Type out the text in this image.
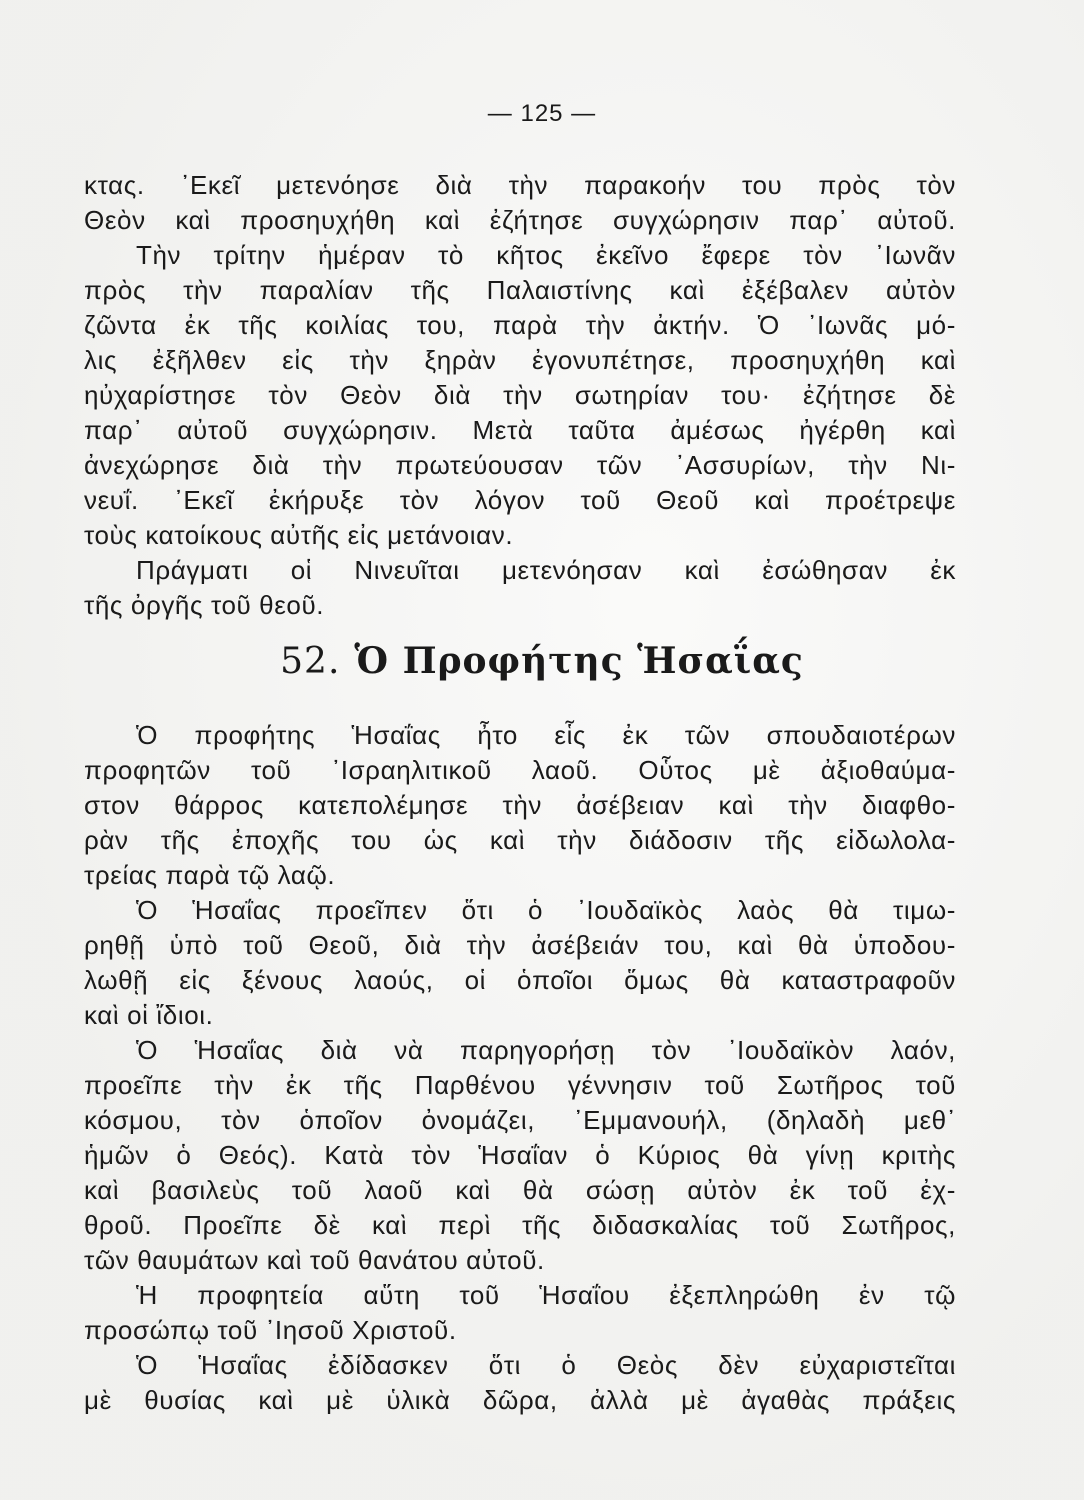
— 125 —
κτας. ᾿Εκεῖ μετενόησε διὰ τὴν παρακοήν του πρὸς τὸν
Θεὸν καὶ προσηυχήθη καὶ ἐζήτησε συγχώρησιν παρ᾿ αὐτοῦ.
Τὴν τρίτην ἡμέραν τὸ κῆτος ἐκεῖνο ἔφερε τὸν ᾿Ιωνᾶν
πρὸς τὴν παραλίαν τῆς Παλαιστίνης καὶ ἐξέβαλεν αὐτὸν
ζῶντα ἐκ τῆς κοιλίας του, παρὰ τὴν ἀκτήν. Ὁ ᾿Ιωνᾶς μό-
λις ἐξῆλθεν εἰς τὴν ξηρὰν ἐγονυπέτησε, προσηυχήθη καὶ
ηὐχαρίστησε τὸν Θεὸν διὰ τὴν σωτηρίαν του· ἐζήτησε δὲ
παρ᾿ αὐτοῦ συγχώρησιν. Μετὰ ταῦτα ἀμέσως ἠγέρθη καὶ
ἀνεχώρησε διὰ τὴν πρωτεύουσαν τῶν ᾿Ασσυρίων, τὴν Νι-
νευΐ. ᾿Εκεῖ ἐκήρυξε τὸν λόγον τοῦ Θεοῦ καὶ προέτρεψε
τοὺς κατοίκους αὐτῆς εἰς μετάνοιαν.
Πράγματι οἱ Νινευῖται μετενόησαν καὶ ἐσώθησαν ἐκ
τῆς ὀργῆς τοῦ θεοῦ.
52. Ὁ Προφήτης Ἡσαΐας
Ὁ προφήτης Ἡσαΐας ἦτο εἷς ἐκ τῶν σπουδαιοτέρων
προφητῶν τοῦ ᾿Ισραηλιτικοῦ λαοῦ. Οὗτος μὲ ἀξιοθαύμα-
στον θάρρος κατεπολέμησε τὴν ἀσέβειαν καὶ τὴν διαφθο-
ρὰν τῆς ἐποχῆς του ὡς καὶ τὴν διάδοσιν τῆς εἰδωλολα-
τρείας παρὰ τῷ λαῷ.
Ὁ Ἡσαΐας προεῖπεν ὅτι ὁ ᾿Ιουδαϊκὸς λαὸς θὰ τιμω-
ρηθῇ ὑπὸ τοῦ Θεοῦ, διὰ τὴν ἀσέβειάν του, καὶ θὰ ὑποδου-
λωθῇ εἰς ξένους λαούς, οἱ ὁποῖοι ὅμως θὰ καταστραφοῦν
καὶ οἱ ἴδιοι.
Ὁ Ἡσαΐας διὰ νὰ παρηγορήσῃ τὸν ᾿Ιουδαϊκὸν λαόν,
προεῖπε τὴν ἐκ τῆς Παρθένου γέννησιν τοῦ Σωτῆρος τοῦ
κόσμου, τὸν ὁποῖον ὀνομάζει, ᾿Εμμανουήλ, (δηλαδὴ μεθ᾿
ἡμῶν ὁ Θεός). Κατὰ τὸν Ἡσαΐαν ὁ Κύριος θὰ γίνῃ κριτὴς
καὶ βασιλεὺς τοῦ λαοῦ καὶ θὰ σώσῃ αὐτὸν ἐκ τοῦ ἐχ-
θροῦ. Προεῖπε δὲ καὶ περὶ τῆς διδασκαλίας τοῦ Σωτῆρος,
τῶν θαυμάτων καὶ τοῦ θανάτου αὐτοῦ.
Ἡ προφητεία αὕτη τοῦ Ἡσαΐου ἐξεπληρώθη ἐν τῷ
προσώπῳ τοῦ ᾿Ιησοῦ Χριστοῦ.
Ὁ Ἡσαΐας ἐδίδασκεν ὅτι ὁ Θεὸς δὲν εὐχαριστεῖται
μὲ θυσίας καὶ μὲ ὑλικὰ δῶρα, ἀλλὰ μὲ ἀγαθὰς πράξεις
